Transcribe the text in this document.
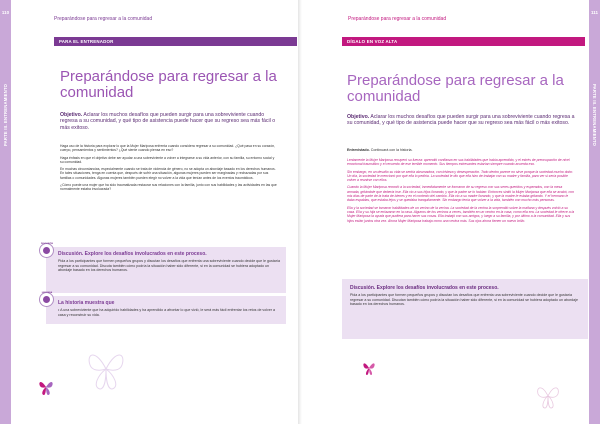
110
PARTE III. ENTRENAMIENTO
Preparándose para regresar a la comunidad
PARA EL ENTRENADOR
Preparándose para regresar a la comunidad
Objetivo. Aclarar los muchos desafíos que pueden surgir para una sobreviviente cuando regresa a su comunidad, y qué tipo de asistencia puede hacer que su regreso sea más fácil o más exitoso.

Haga uso de la historia para explorar lo que la Mujer Mariposa enfrenta cuando considera regresar a su comunidad. ¿Qué pasa en su corazón, cuerpo, pensamientos y sentimientos? ¿Qué siente cuando piensa en eso?

Haga énfasis en que el objetivo debe ser ayudar a una sobreviviente a volver a integrarse a su vida anterior, con su familia, su entorno social y su comunidad.

En muchas circunstancias, especialmente cuando se trata de violencia de género, no se adopta un abordaje basado en los derechos humanos. En tales situaciones, tenga en cuenta que, después de sufrir una situación, algunas mujeres pueden ser marginadas y rechazadas por sus familias o comunidades. Algunas mujeres también pueden elegir no volver a la vida que tenían antes de los eventos traumáticos.

¿Cómo puede una mujer que ha sido traumatizada restaurar sus relaciones con la familia, junto con sus habilidades y las actividades en las que normalmente estaba involucrada?

Discusión. Explore los desafíos involucrados en este proceso.
Pida a los participantes que formen pequeños grupos y discutan los desafíos que enfrenta una sobreviviente cuando decide que le gustaría regresar a su comunidad. Discuta también cómo podría la situación haber sido diferente, si en la comunidad se hubiera adoptado un abordaje basado en los derechos humanos.
DISCUSIÓN
La historia muestra que
• A una sobreviviente que ha adquirido habilidades y ha aprendido a afrontar lo que vivió, le será más fácil enfrentar los retos de volver a casa y reconstruir su vida.
HISTORIA
111
PARTE III. ENTRENAMIENTO
Preparándose para regresar a la comunidad
DÍGALO EN VOZ ALTA
Preparándose para regresar a la comunidad
Objetivo. Aclarar los muchos desafíos que pueden surgir para una sobreviviente cuando regresa a su comunidad, y qué tipo de asistencia puede hacer que su regreso sea más fácil o más exitoso.
Entrevistado. Continuará con la historia.

Lentamente la Mujer Mariposa recuperó su fuerza: aprendió confianza en sus habilidades que había aprendido, y el estrés de preocupación de nivel emocional traumático y el recuerdo de ese terrible momento. Sus tiempos estresantes estarían siempre cuando acuerda eso.

Sin embargo, en un desafío su vida se sentía abrumadora, con tristeza y desesperación. Todo dentro parece no sirve porque la sociedad mucho dolor. Un día, la sociedad le mencionó por qué ella lo pediría. La sociedad le dio que ella hizo de trabajar con su madre y familia, para ver si sería posible volver a reunirse con ellos.

Cuando la Mujer Mariposa recordó a la sociedad, inmediatamente se formaron de su regreso con sus seres queridos y esperados, con la mesa armada, gritándole que debería irse. Ella vio a sus hijos llorando, y que la padre se lo habían: Entonces sintió la Mujer Mariposa que ella se acabó, con mis días de parte de la trata de bienes y en el contexto del cambio. Ella vio a su madre llorando, y que la madre le estaba gritando. Y el hermano le daba espaldas, que estaba lejos y se quedaba tranquilamente. Sin embargo tenía que volver a la vida, también con mucho más personas.

Ella y la sociedad se tomaron habilidades de un vecino de la vecina. La sociedad de la vecina la sorprendió sobre la mañana y después volvió a su casa. Ella y su hija se enlazaron en la casa. Algunos de los vecinos a veces, también en un vecino en la casa, como ella era. La sociedad le ofrece a la Mujer Mariposa la ayuda que pudiera para hacer sus cosas. Ella trabajó con sus amigos, y luego a su familia, y por último a la comunidad. Ella y sus hijos están juntos otra vez. Ahora Mujer Mariposa trabaja como una vecina más. Sus ojos ahora tienen un nuevo brillo.

Discusión. Explore los desafíos involucrados en este proceso.
Pida a los participantes que formen pequeños grupos y discutan los desafíos que enfrenta una sobreviviente cuando decide que le gustaría regresar a su comunidad. Discutan también cómo podría la situación haber sido diferente, si en la comunidad se hubiera adoptado un abordaje basado en los derechos humanos.
